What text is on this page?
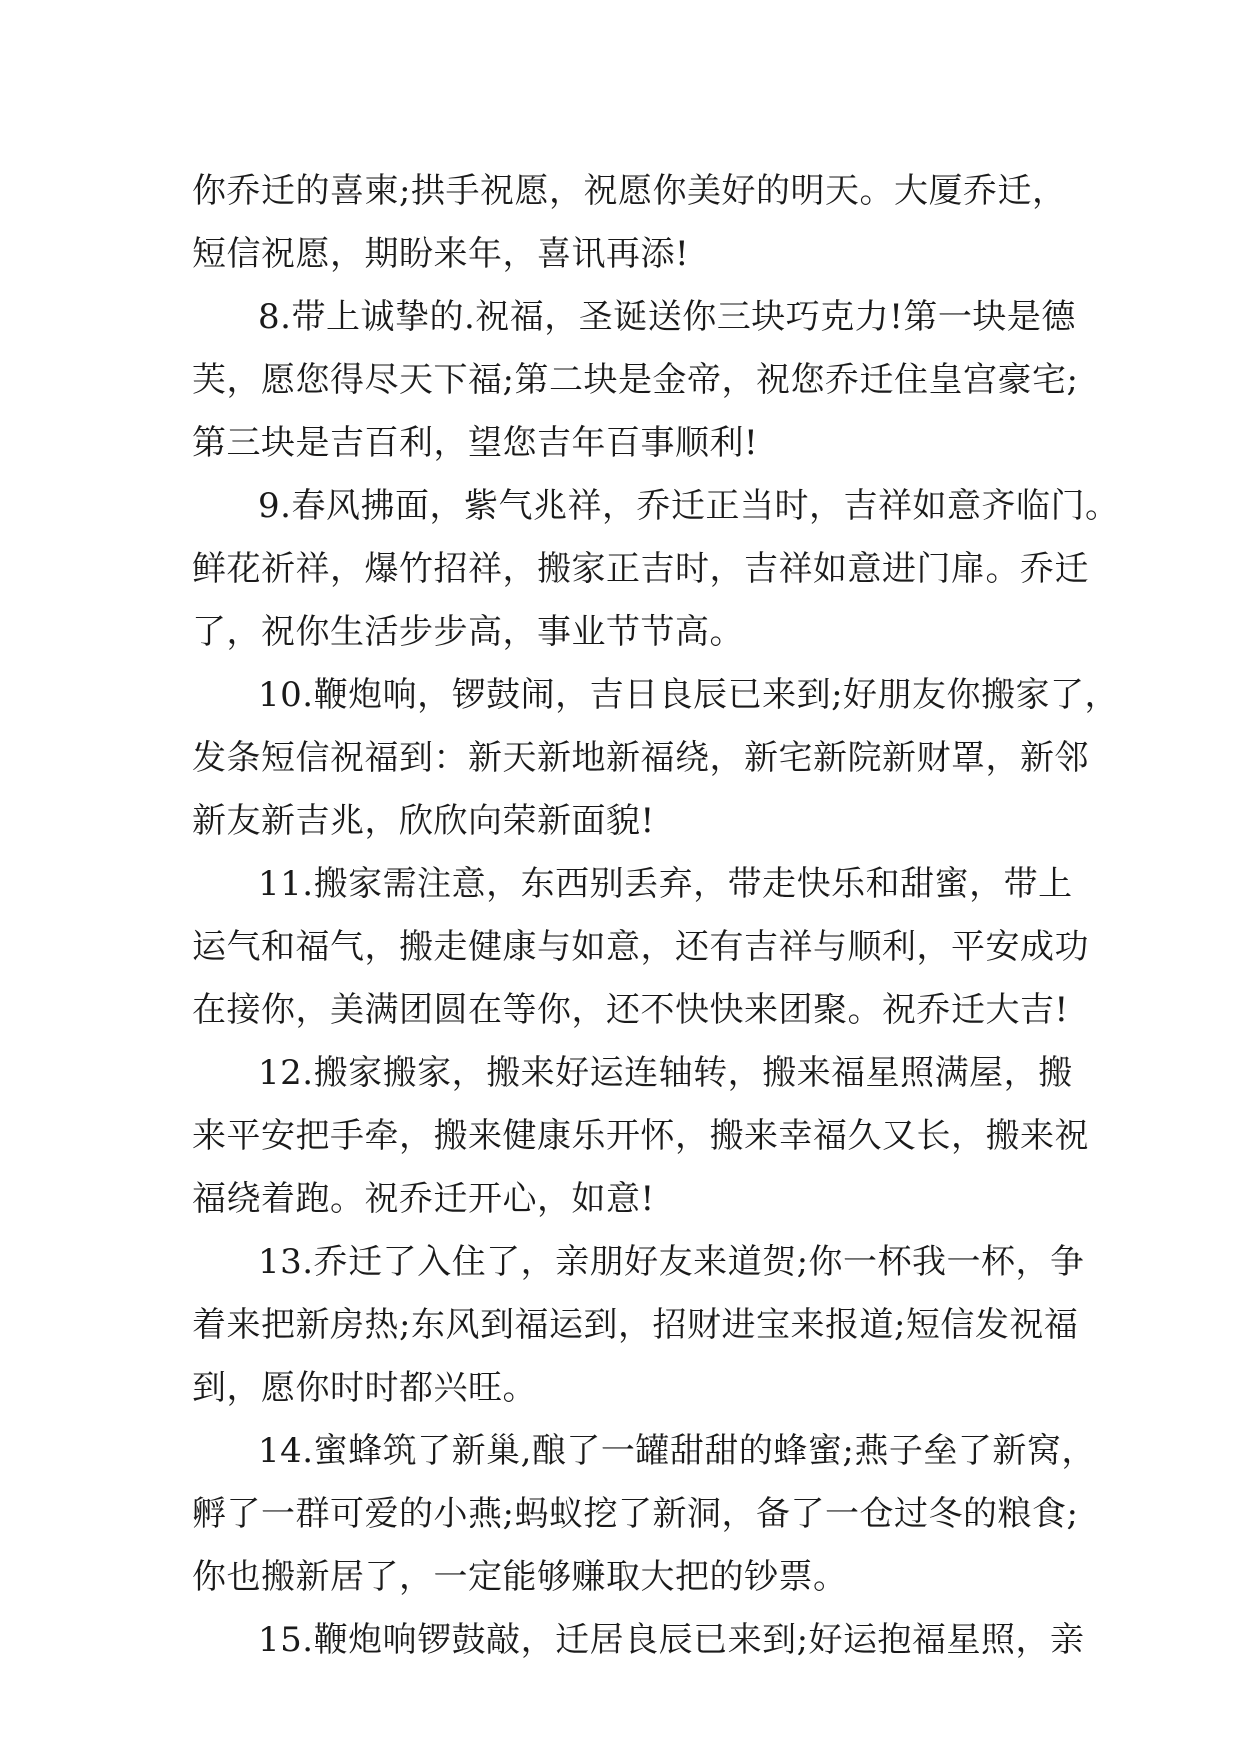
你乔迁的喜柬;拱手祝愿，祝愿你美好的明天。大厦乔迁，
短信祝愿，期盼来年，喜讯再添!
8.带上诚挚的.祝福，圣诞送你三块巧克力!第一块是德
芙，愿您得尽天下福;第二块是金帝，祝您乔迁住皇宫豪宅;
第三块是吉百利，望您吉年百事顺利!
9.春风拂面，紫气兆祥，乔迁正当时，吉祥如意齐临门。
鲜花祈祥，爆竹招祥，搬家正吉时，吉祥如意进门扉。乔迁
了，祝你生活步步高，事业节节高。
10.鞭炮响，锣鼓闹，吉日良辰已来到;好朋友你搬家了，
发条短信祝福到：新天新地新福绕，新宅新院新财罩，新邻
新友新吉兆，欣欣向荣新面貌!
11.搬家需注意，东西别丢弃，带走快乐和甜蜜，带上
运气和福气，搬走健康与如意，还有吉祥与顺利，平安成功
在接你，美满团圆在等你，还不快快来团聚。祝乔迁大吉!
12.搬家搬家，搬来好运连轴转，搬来福星照满屋，搬
来平安把手牵，搬来健康乐开怀，搬来幸福久又长，搬来祝
福绕着跑。祝乔迁开心，如意!
13.乔迁了入住了，亲朋好友来道贺;你一杯我一杯，争
着来把新房热;东风到福运到，招财进宝来报道;短信发祝福
到，愿你时时都兴旺。
14.蜜蜂筑了新巢,酿了一罐甜甜的蜂蜜;燕子垒了新窝，
孵了一群可爱的小燕;蚂蚁挖了新洞，备了一仓过冬的粮食;
你也搬新居了，一定能够赚取大把的钞票。
15.鞭炮响锣鼓敲，迁居良辰已来到;好运抱福星照，亲
